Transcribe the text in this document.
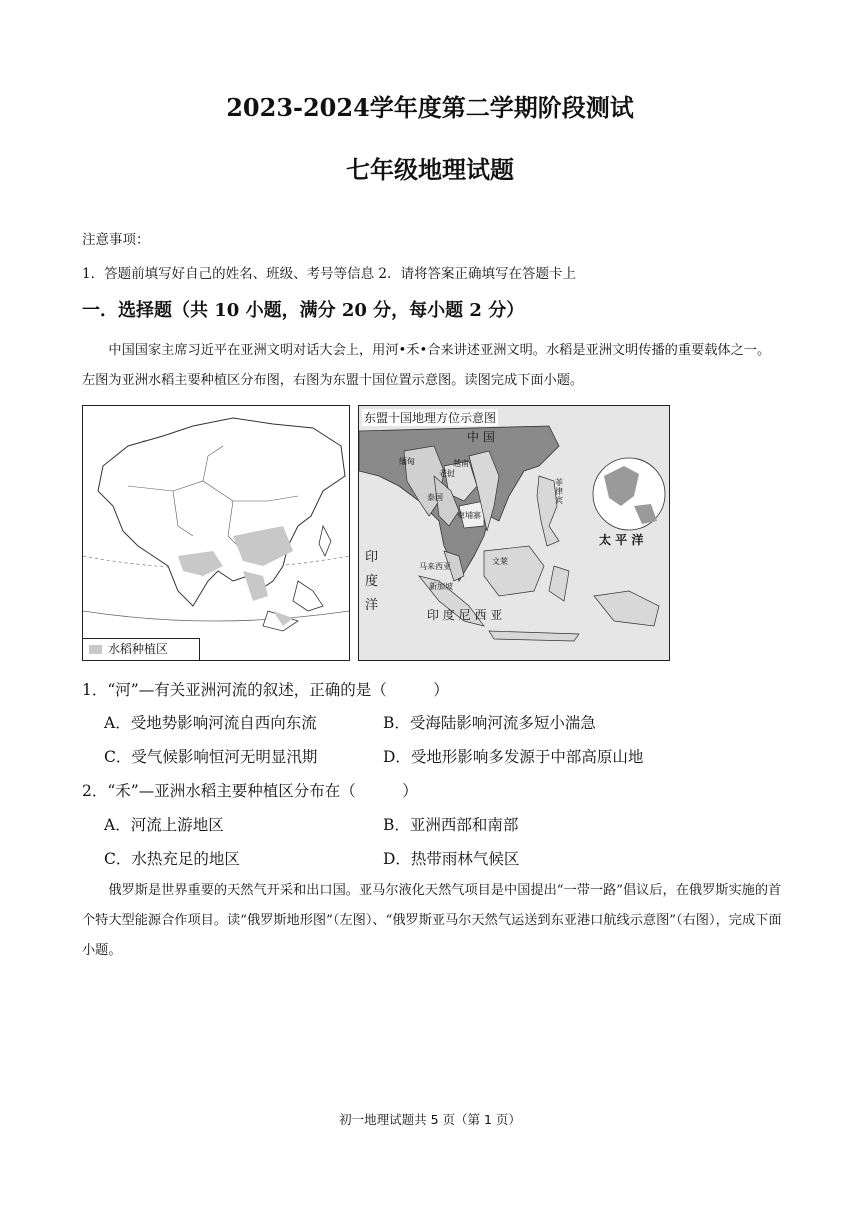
2023-2024学年度第二学期阶段测试
七年级地理试题
注意事项：
1．答题前填写好自己的姓名、班级、考号等信息 2．请将答案正确填写在答题卡上
一．选择题（共 10 小题，满分 20 分，每小题 2 分）
中国国家主席习近平在亚洲文明对话大会上，用河•禾•合来讲述亚洲文明。水稻是亚洲文明传播的重要载体之一。左图为亚洲水稻主要种植区分布图，右图为东盟十国位置示意图。读图完成下面小题。
水稻种植区
东盟十国地理方位示意图
中 国
缅甸	越南
老挝
泰国
柬埔寨
菲律宾
文莱
马来西亚
新加坡
印 度 尼 西 亚
太 平 洋
印
度
洋
1．“河”—有关亚洲河流的叙述，正确的是（　　　）
A．受地势影响河流自西向东流	B．受海陆影响河流多短小湍急
C．受气候影响恒河无明显汛期	D．受地形影响多发源于中部高原山地
2．“禾”—亚洲水稻主要种植区分布在（　　　）
A．河流上游地区	B．亚洲西部和南部
C．水热充足的地区	D．热带雨林气候区
俄罗斯是世界重要的天然气开采和出口国。亚马尔液化天然气项目是中国提出“一带一路”倡议后，在俄罗斯实施的首个特大型能源合作项目。读“俄罗斯地形图”（左图）、“俄罗斯亚马尔天然气运送到东亚港口航线示意图”（右图），完成下面小题。
初一地理试题共 5 页（第 1 页）
